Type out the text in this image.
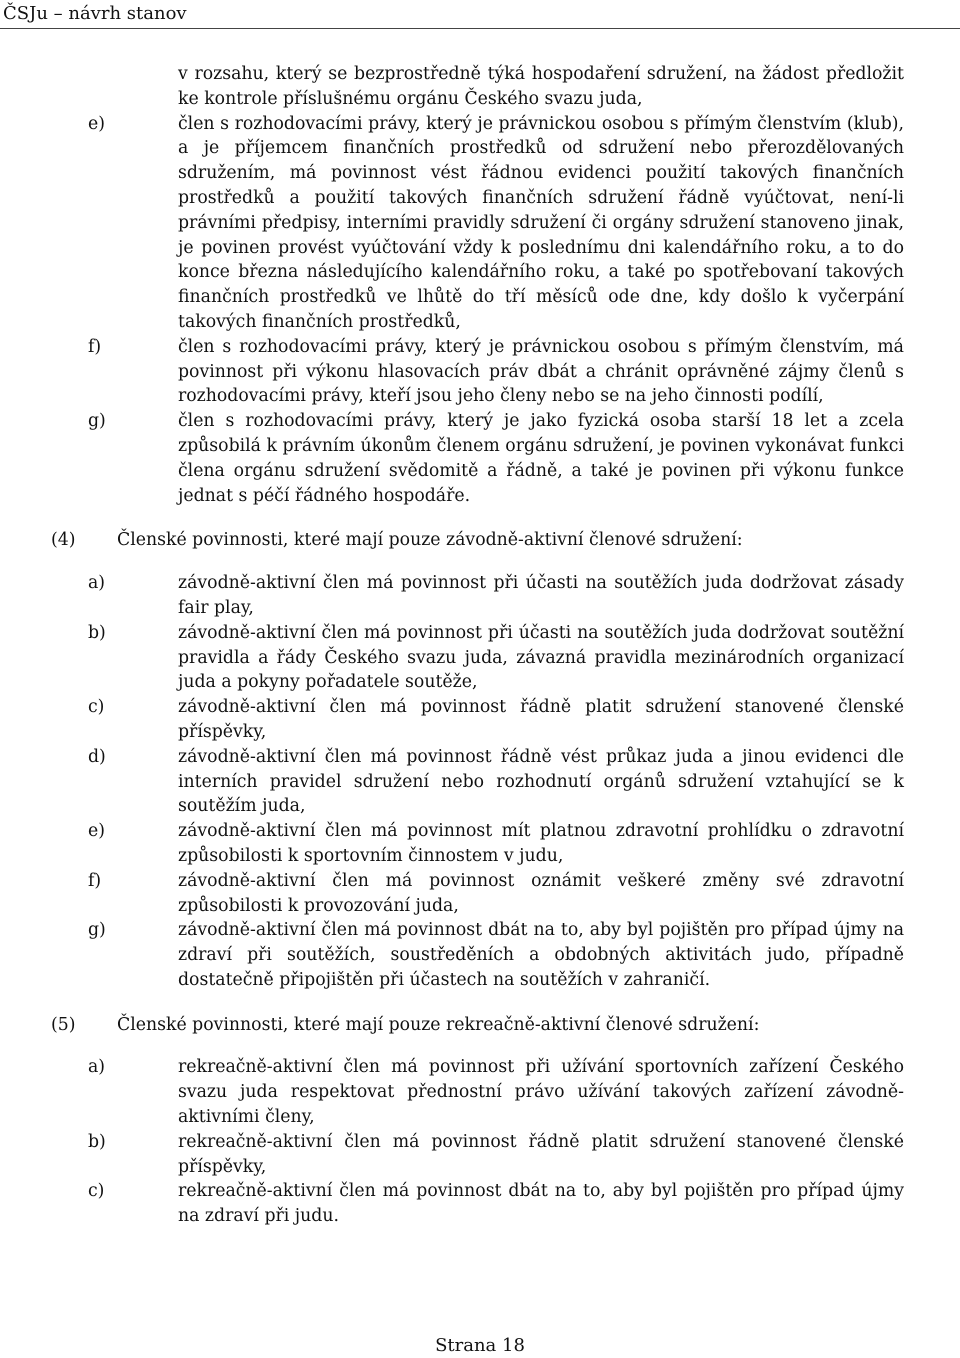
ČSJu – návrh stanov
v rozsahu, který se bezprostředně týká hospodaření sdružení, na žádost předložit ke kontrole příslušnému orgánu Českého svazu juda,
e)	člen s rozhodovacími právy, který je právnickou osobou s přímým členstvím (klub), a je příjemcem finančních prostředků od sdružení nebo přerozdělovaných sdružením, má povinnost vést řádnou evidenci použití takových finančních prostředků a použití takových finančních sdružení řádně vyúčtovat, není-li právními předpisy, interními pravidly sdružení či orgány sdružení stanoveno jinak, je povinen provést vyúčtování vždy k poslednímu dni kalendářního roku, a to do konce března následujícího kalendářního roku, a také po spotřebovaní takových finančních prostředků ve lhůtě do tří měsíců ode dne, kdy došlo k vyčerpání takových finančních prostředků,
f)	člen s rozhodovacími právy, který je právnickou osobou s přímým členstvím, má povinnost při výkonu hlasovacích práv dbát a chránit oprávněné zájmy členů s rozhodovacími právy, kteří jsou jeho členy nebo se na jeho činnosti podílí,
g)	člen s rozhodovacími právy, který je jako fyzická osoba starší 18 let a zcela způsobilá k právním úkonům členem orgánu sdružení, je povinen vykonávat funkci člena orgánu sdružení svědomitě a řádně, a také je povinen při výkonu funkce jednat s péčí řádného hospodáře.
(4) Členské povinnosti, které mají pouze závodně-aktivní členové sdružení:
a)	závodně-aktivní člen má povinnost při účasti na soutěžích juda dodržovat zásady fair play,
b)	závodně-aktivní člen má povinnost při účasti na soutěžích juda dodržovat soutěžní pravidla a řády Českého svazu juda, závazná pravidla mezinárodních organizací juda a pokyny pořadatele soutěže,
c)	závodně-aktivní člen má povinnost řádně platit sdružení stanovené členské příspěvky,
d)	závodně-aktivní člen má povinnost řádně vést průkaz juda a jinou evidenci dle interních pravidel sdružení nebo rozhodnutí orgánů sdružení vztahující se k soutěžím juda,
e)	závodně-aktivní člen má povinnost mít platnou zdravotní prohlídku o zdravotní způsobilosti k sportovním činnostem v judu,
f)	závodně-aktivní člen má povinnost oznámit veškeré změny své zdravotní způsobilosti k provozování juda,
g)	závodně-aktivní člen má povinnost dbát na to, aby byl pojištěn pro případ újmy na zdraví při soutěžích, soustředěních a obdobných aktivitách judo, případně dostatečně připojištěn při účastech na soutěžích v zahraničí.
(5) Členské povinnosti, které mají pouze rekreačně-aktivní členové sdružení:
a)	rekreačně-aktivní člen má povinnost při užívání sportovních zařízení Českého svazu juda respektovat přednostní právo užívání takových zařízení závodně-aktivními členy,
b)	rekreačně-aktivní člen má povinnost řádně platit sdružení stanovené členské příspěvky,
c)	rekreačně-aktivní člen má povinnost dbát na to, aby byl pojištěn pro případ újmy na zdraví při judu.
Strana 18
